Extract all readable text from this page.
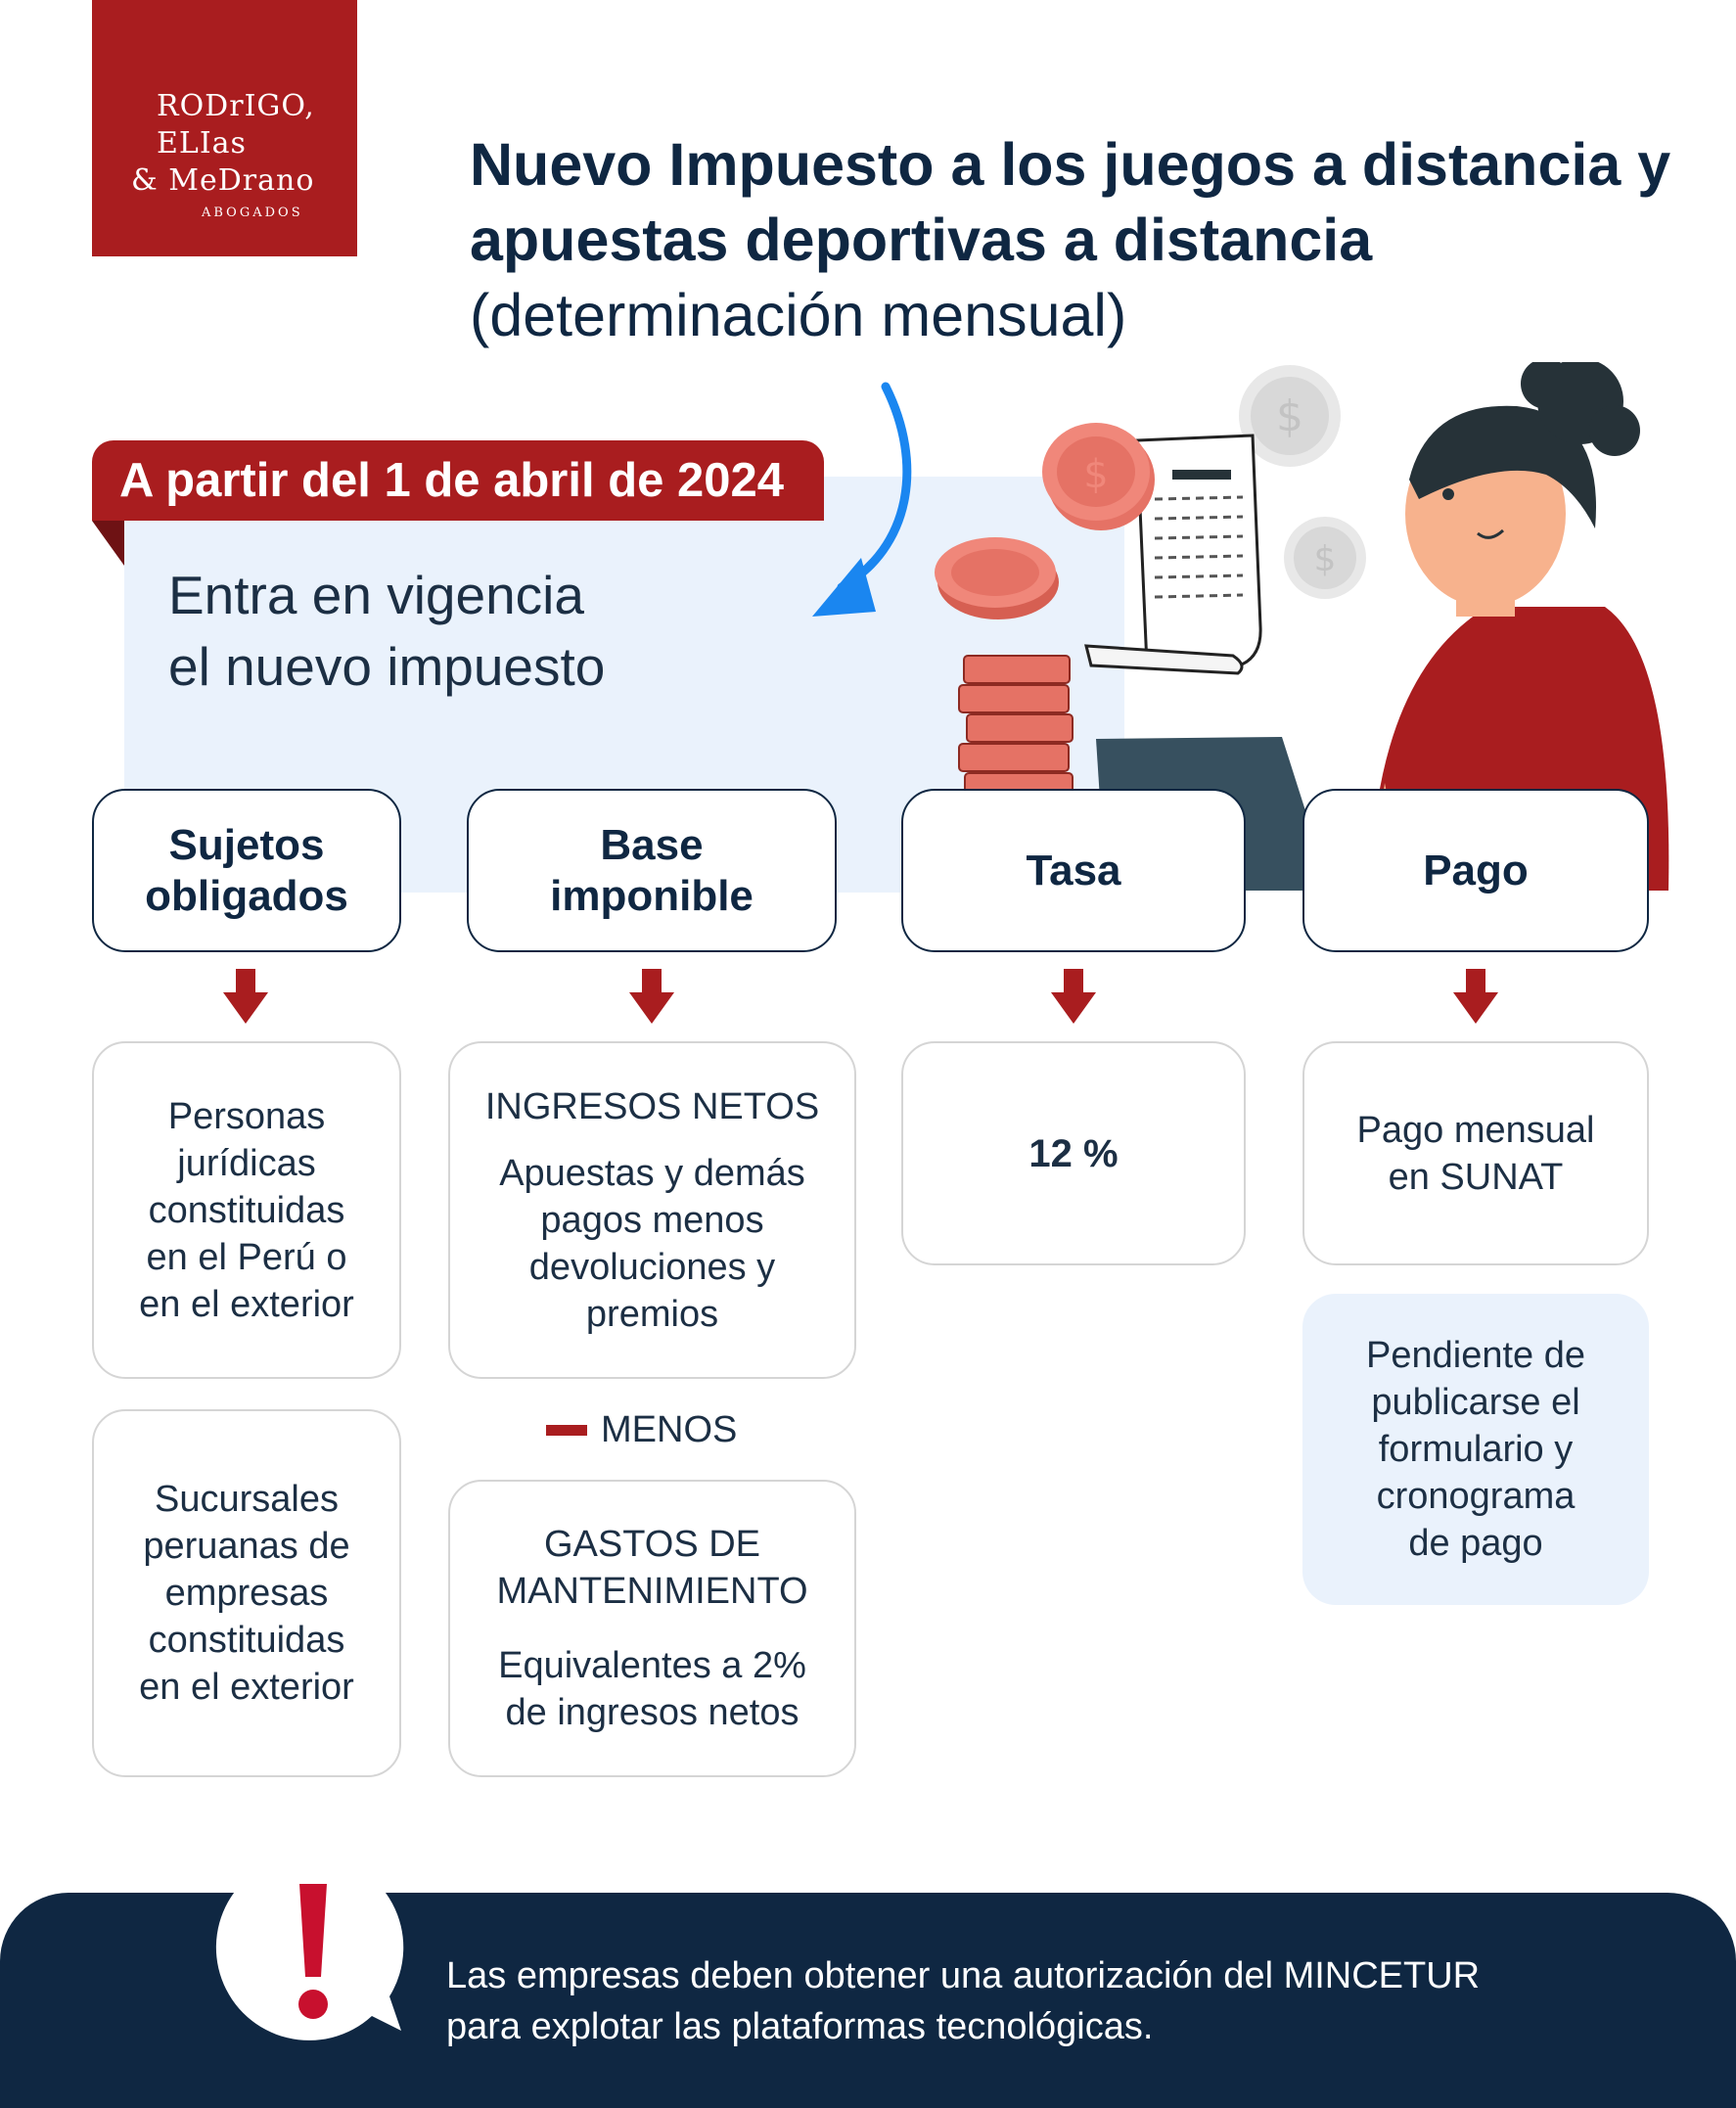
RODrIGO,
ELIas
& MeDrano
ABOGADOS
Nuevo Impuesto a los juegos a distancia y apuestas deportivas a distancia
(determinación mensual)
A partir del 1 de abril de 2024
Entra en vigencia
el nuevo impuesto
$
$
$
Sujetos
obligados
Base
imponible
Tasa	Pago
Personas
jurídicas
constituidas
en el Perú o
en el exterior
Sucursales
peruanas de
empresas
constituidas
en el exterior
INGRESOS NETOS
Apuestas y demás
pagos menos
devoluciones y
premios
MENOS
GASTOS DE
MANTENIMIENTO
Equivalentes a 2%
de ingresos netos
12 %
Pago mensual
en SUNAT
Pendiente de
publicarse el
formulario y
cronograma
de pago
Las empresas deben obtener una autorización del MINCETUR
para explotar las plataformas tecnológicas.
